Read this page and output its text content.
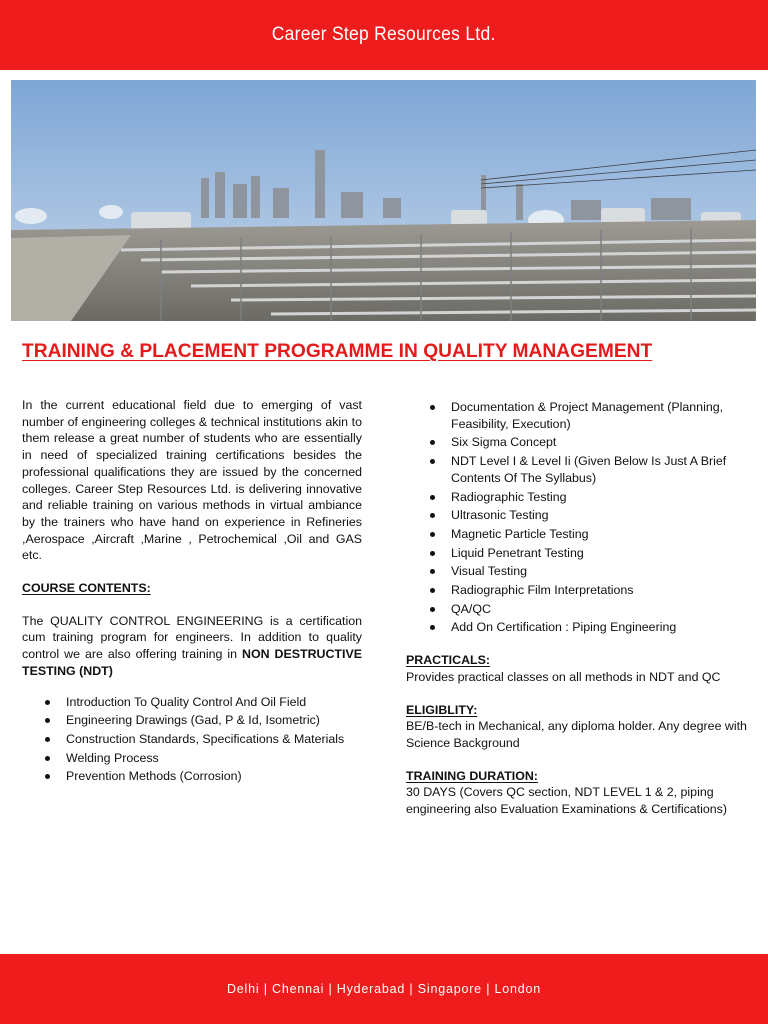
Career Step Resources Ltd.
TRAINING & PLACEMENT PROGRAMME IN QUALITY MANAGEMENT

In the current educational field due to emerging of vast number of engineering colleges & technical institutions akin to them release a great number of students who are essentially in need of specialized training certifications besides the professional qualifications they are issued by the concerned colleges. Career Step Resources Ltd. is delivering innovative and reliable training on various methods in virtual ambiance by the trainers who have hand on experience in Refineries ,Aerospace ,Aircraft ,Marine , Petrochemical ,Oil and GAS etc.

COURSE CONTENTS:

The QUALITY CONTROL ENGINEERING is a certification cum training program for engineers. In addition to quality control we are also offering training in NON DESTRUCTIVE TESTING (NDT)

Introduction To Quality Control And Oil Field
Engineering Drawings (Gad, P & Id, Isometric)
Construction Standards, Specifications & Materials
Welding Process
Prevention Methods (Corrosion)
Documentation & Project Management (Planning, Feasibility, Execution)
Six Sigma Concept
NDT Level I & Level Ii (Given Below Is Just A Brief Contents Of The Syllabus)
Radiographic Testing
Ultrasonic Testing
Magnetic Particle Testing
Liquid Penetrant Testing
Visual Testing
Radiographic Film Interpretations
QA/QC
Add On Certification : Piping Engineering

PRACTICALS:

Provides practical classes on all methods in NDT and QC

ELIGIBLITY:

BE/B-tech in Mechanical, any diploma holder. Any degree with Science Background

TRAINING DURATION:

30 DAYS (Covers QC section, NDT LEVEL 1 & 2, piping engineering also Evaluation Examinations & Certifications)

Delhi | Chennai | Hyderabad | Singapore | London
